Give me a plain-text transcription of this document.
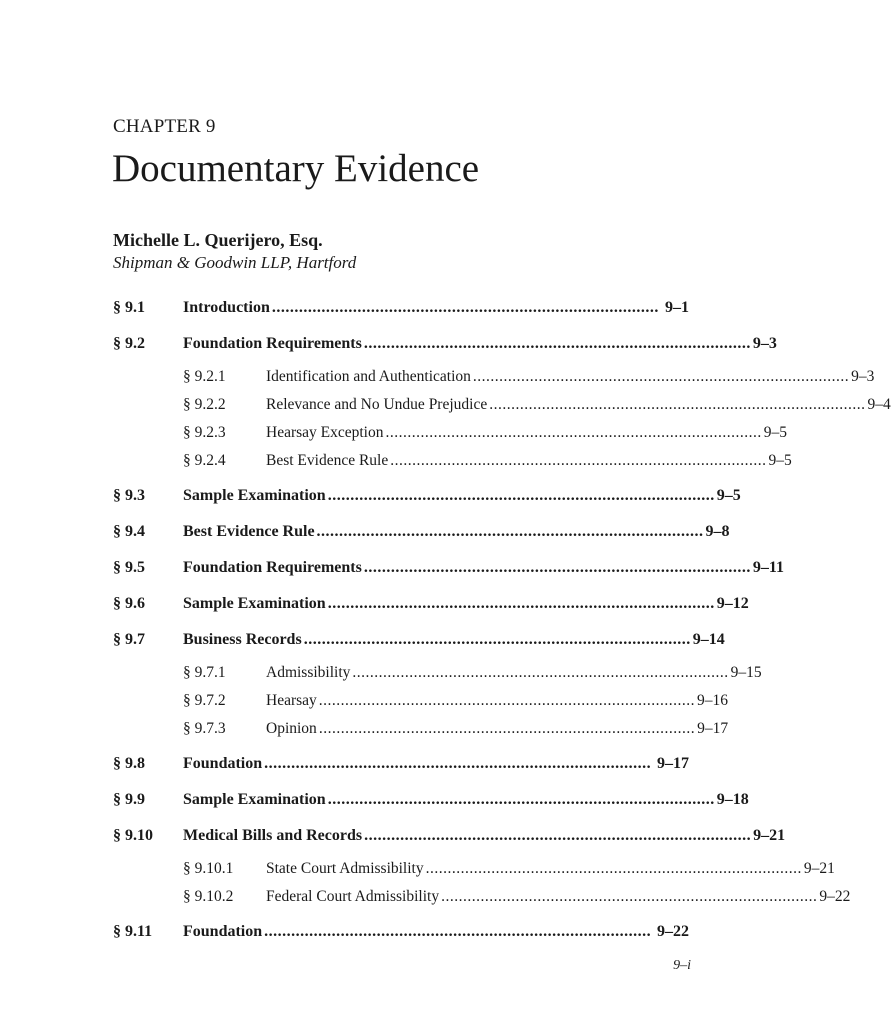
CHAPTER 9
Documentary Evidence
Michelle L. Querijero, Esq.
Shipman & Goodwin LLP, Hartford
§ 9.1	Introduction ...................................................................................... 9–1
§ 9.2	Foundation Requirements ...................................................................................... 9–3
§ 9.2.1	Identification and Authentication ...................................................................................... 9–3
§ 9.2.2	Relevance and No Undue Prejudice ...................................................................................... 9–4
§ 9.2.3	Hearsay Exception ...................................................................................... 9–5
§ 9.2.4	Best Evidence Rule ...................................................................................... 9–5
§ 9.3	Sample Examination ...................................................................................... 9–5
§ 9.4	Best Evidence Rule ...................................................................................... 9–8
§ 9.5	Foundation Requirements ...................................................................................... 9–11
§ 9.6	Sample Examination ...................................................................................... 9–12
§ 9.7	Business Records ...................................................................................... 9–14
§ 9.7.1	Admissibility ...................................................................................... 9–15
§ 9.7.2	Hearsay ...................................................................................... 9–16
§ 9.7.3	Opinion ...................................................................................... 9–17
§ 9.8	Foundation ...................................................................................... 9–17
§ 9.9	Sample Examination ...................................................................................... 9–18
§ 9.10	Medical Bills and Records ...................................................................................... 9–21
§ 9.10.1	State Court Admissibility ...................................................................................... 9–21
§ 9.10.2	Federal Court Admissibility ...................................................................................... 9–22
§ 9.11	Foundation ...................................................................................... 9–22
9–i
